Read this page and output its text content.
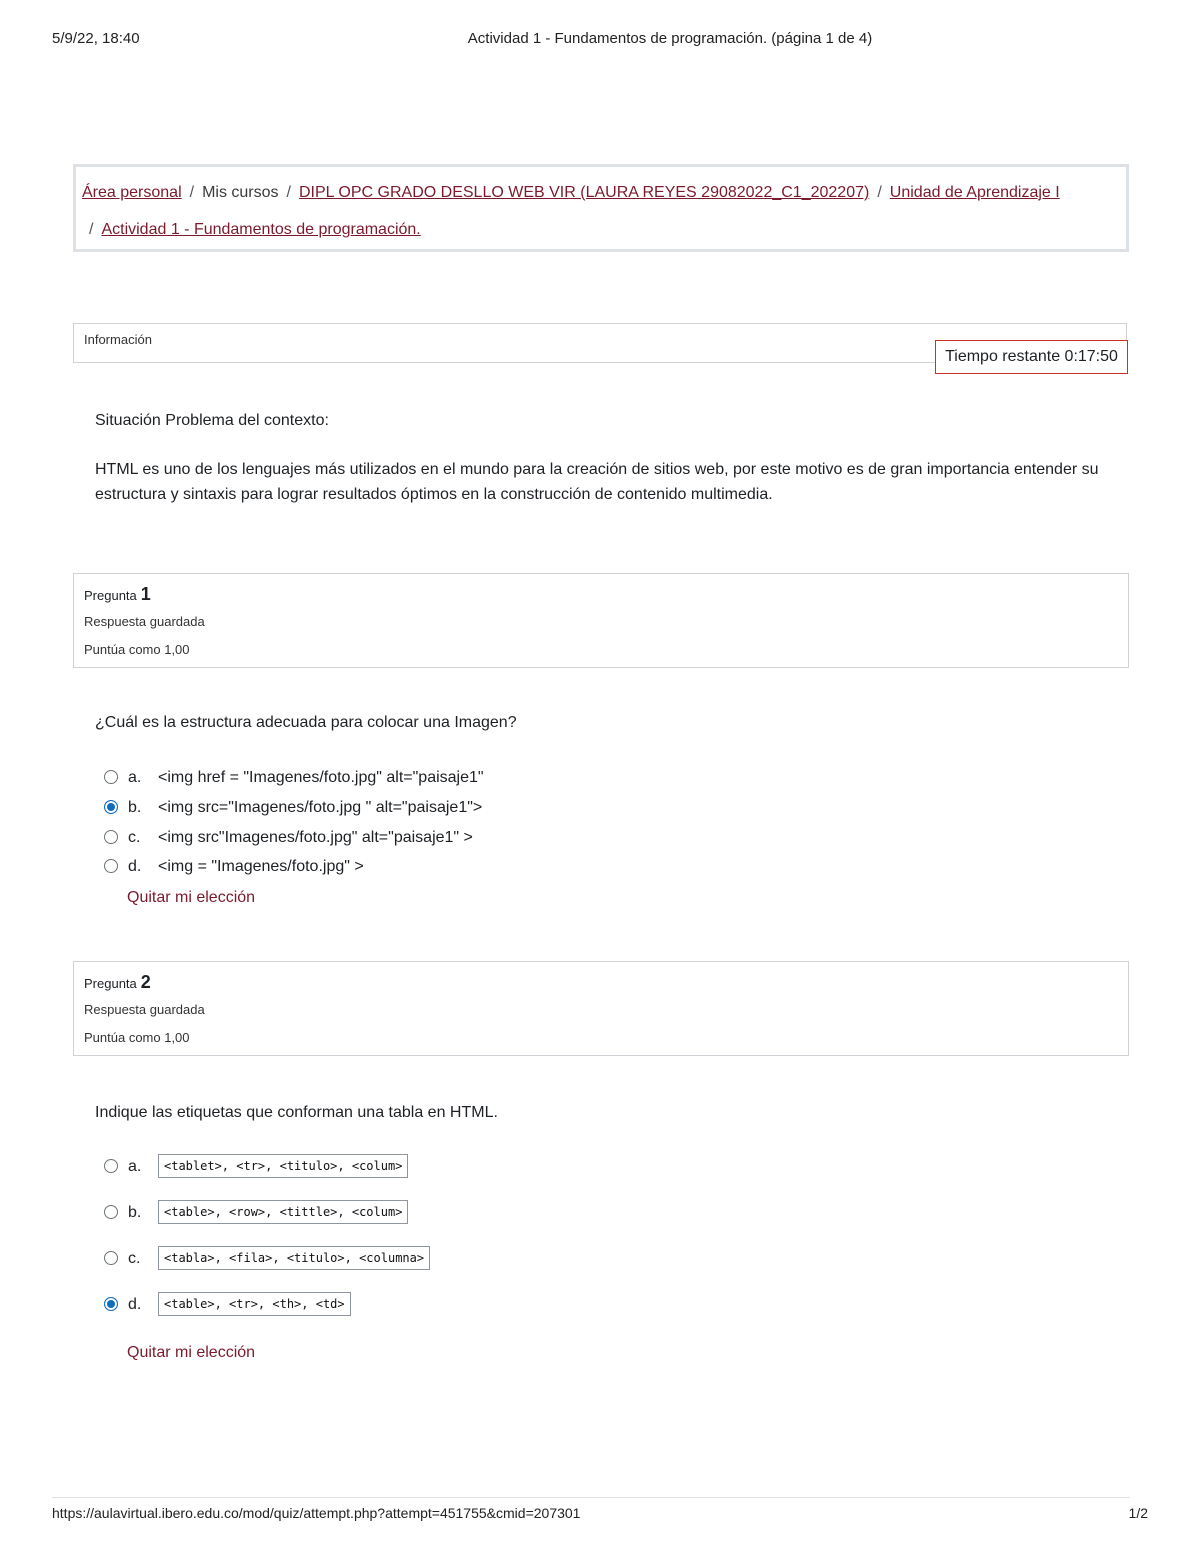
5/9/22, 18:40	Actividad 1 - Fundamentos de programación. (página 1 de 4)
Área personal / Mis cursos / DIPL OPC GRADO DESLLO WEB VIR (LAURA REYES 29082022_C1_202207) / Unidad de Aprendizaje I
/ Actividad 1 - Fundamentos de programación.
Información
Tiempo restante 0:17:50

Situación Problema del contexto:

HTML es uno de los lenguajes más utilizados en el mundo para la creación de sitios web, por este motivo es de gran importancia entender su estructura y sintaxis para lograr resultados óptimos en la construcción de contenido multimedia.

Pregunta 1
Respuesta guardada
Puntúa como 1,00
¿Cuál es la estructura adecuada para colocar una Imagen?
a. <img href = "Imagenes/foto.jpg" alt="paisaje1"
b. <img src="Imagenes/foto.jpg " alt="paisaje1">
c. <img src"Imagenes/foto.jpg" alt="paisaje1" >
d. <img = "Imagenes/foto.jpg" >
Quitar mi elección
Pregunta 2
Respuesta guardada
Puntúa como 1,00
Indique las etiquetas que conforman una tabla en HTML.
a.	<tablet>, <tr>, <titulo>, <colum>
b.	<table>, <row>, <tittle>, <colum>
c.	<tabla>, <fila>, <titulo>, <columna>
d.	<table>, <tr>, <th>, <td>
Quitar mi elección
https://aulavirtual.ibero.edu.co/mod/quiz/attempt.php?attempt=451755&cmid=207301	1/2
